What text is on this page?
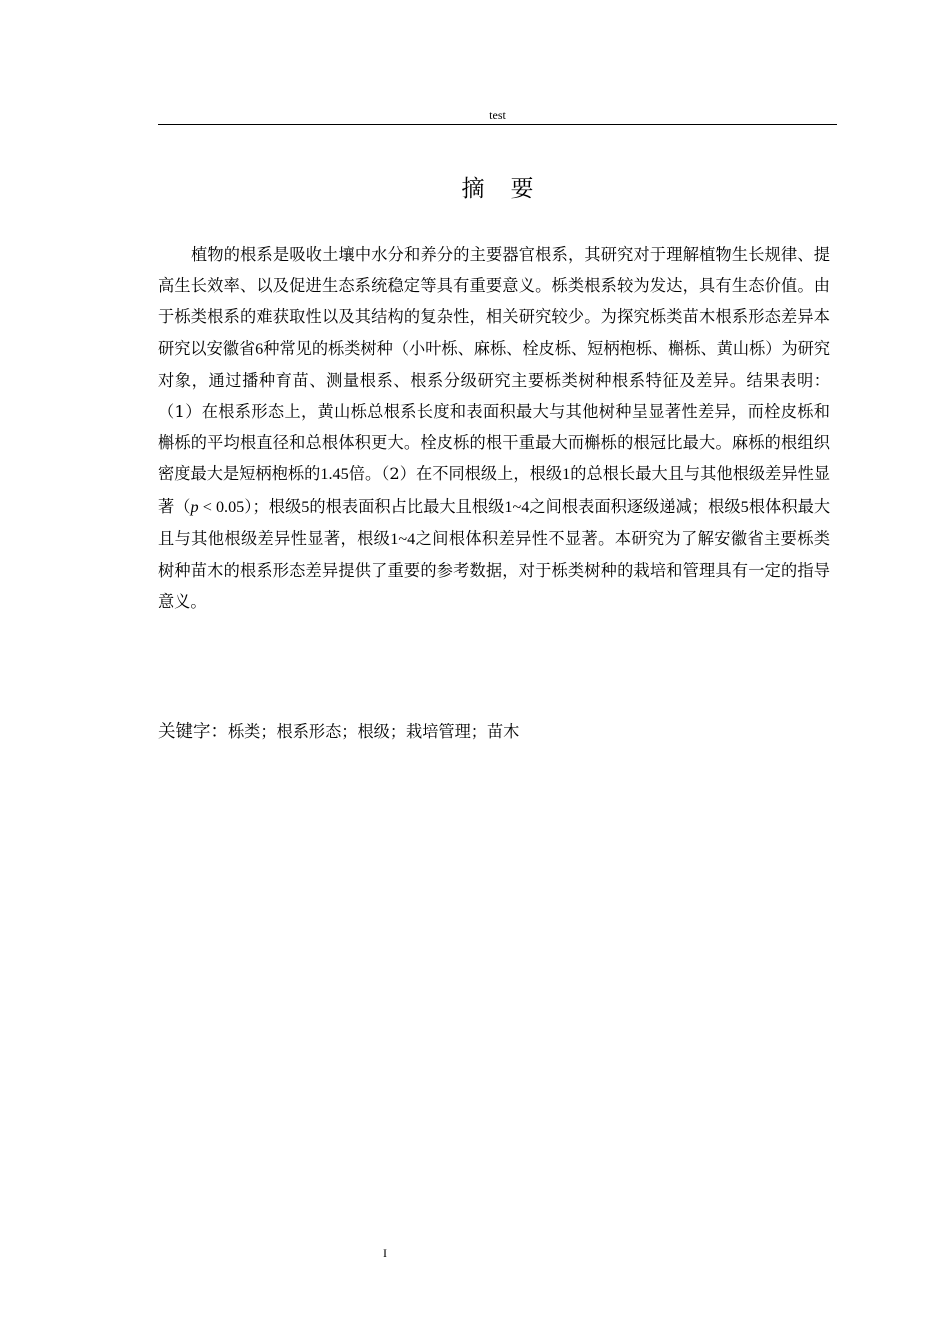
test
摘要

植物的根系是吸收土壤中水分和养分的主要器官根系，其研究对于理解植物生长规律、提高生长效率、以及促进生态系统稳定等具有重要意义。栎类根系较为发达，具有生态价值。由于栎类根系的难获取性以及其结构的复杂性，相关研究较少。为探究栎类苗木根系形态差异本研究以安徽省6种常见的栎类树种（小叶栎、麻栎、栓皮栎、短柄枹栎、槲栎、黄山栎）为研究对象，通过播种育苗、测量根系、根系分级研究主要栎类树种根系特征及差异。结果表明：（1）在根系形态上，黄山栎总根系长度和表面积最大与其他树种呈显著性差异，而栓皮栎和槲栎的平均根直径和总根体积更大。栓皮栎的根干重最大而槲栎的根冠比最大。麻栎的根组织密度最大是短柄枹栎的1.45倍。（2）在不同根级上，根级1的总根长最大且与其他根级差异性显著（p < 0.05）；根级5的根表面积占比最大且根级1~4之间根表面积逐级递减；根级5根体积最大且与其他根级差异性显著，根级1~4之间根体积差异性不显著。本研究为了解安徽省主要栎类树种苗木的根系形态差异提供了重要的参考数据，对于栎类树种的栽培和管理具有一定的指导意义。

关键字：栎类；根系形态；根级；栽培管理；苗木

I
